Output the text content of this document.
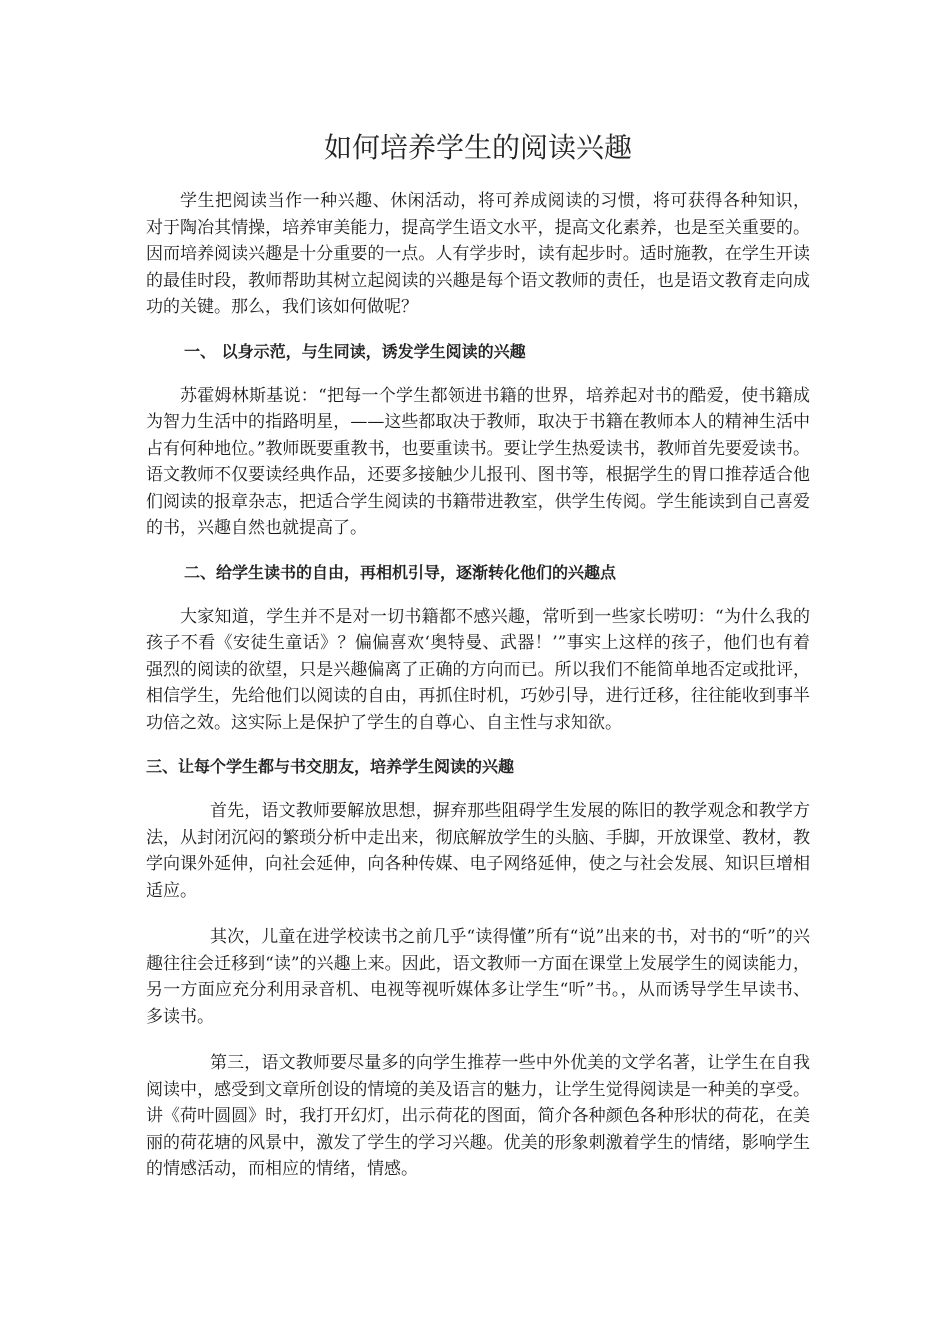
如何培养学生的阅读兴趣

学生把阅读当作一种兴趣、休闲活动，将可养成阅读的习惯，将可获得各种知识， 对于陶冶其情操，培养审美能力，提高学生语文水平，提高文化素养，也是至关重要的。因而培养阅读兴趣是十分重要的一点。人有学步时，读有起步时。适时施教，在学生开读的最佳时段，教师帮助其树立起阅读的兴趣是每个语文教师的责任，也是语文教育走向成功的关键。那么，我们该如何做呢？

一、 以身示范，与生同读，诱发学生阅读的兴趣

苏霍姆林斯基说：“把每一个学生都领进书籍的世界，培养起对书的酷爱，使书籍成为智力生活中的指路明星，——这些都取决于教师，取决于书籍在教师本人的精神生活中占有何种地位。”教师既要重教书，也要重读书。要让学生热爱读书，教师首先要爱读书。语文教师不仅要读经典作品，还要多接触少儿报刊、图书等，根据学生的胃口推荐适合他们阅读的报章杂志，把适合学生阅读的书籍带进教室，供学生传阅。学生能读到自己喜爱的书，兴趣自然也就提高了。

二、给学生读书的自由，再相机引导，逐渐转化他们的兴趣点

大家知道，学生并不是对一切书籍都不感兴趣，常听到一些家长唠叨：“为什么我的孩子不看《安徒生童话》？偏偏喜欢‘奥特曼、武器！’”事实上这样的孩子，他们也有着强烈的阅读的欲望，只是兴趣偏离了正确的方向而已。所以我们不能简单地否定或批评，相信学生，先给他们以阅读的自由，再抓住时机，巧妙引导，进行迁移，往往能收到事半功倍之效。这实际上是保护了学生的自尊心、自主性与求知欲。

三、让每个学生都与书交朋友，培养学生阅读的兴趣

首先，语文教师要解放思想，摒弃那些阻碍学生发展的陈旧的教学观念和教学方法，从封闭沉闷的繁琐分析中走出来，彻底解放学生的头脑、手脚，开放课堂、教材，教学向课外延伸，向社会延伸，向各种传媒、电子网络延伸，使之与社会发展、知识巨增相适应。

其次，儿童在进学校读书之前几乎“读得懂”所有“说”出来的书，对书的“听”的兴趣往往会迁移到“读”的兴趣上来。因此，语文教师一方面在课堂上发展学生的阅读能力，另一方面应充分利用录音机、电视等视听媒体多让学生“听”书。，从而诱导学生早读书、多读书。

第三，语文教师要尽量多的向学生推荐一些中外优美的文学名著，让学生在自我阅读中，感受到文章所创设的情境的美及语言的魅力，让学生觉得阅读是一种美的享受。讲《荷叶圆圆》时，我打开幻灯，出示荷花的图面，简介各种颜色各种形状的荷花，在美丽的荷花塘的风景中，激发了学生的学习兴趣。优美的形象刺激着学生的情绪，影响学生的情感活动，而相应的情绪，情感。
